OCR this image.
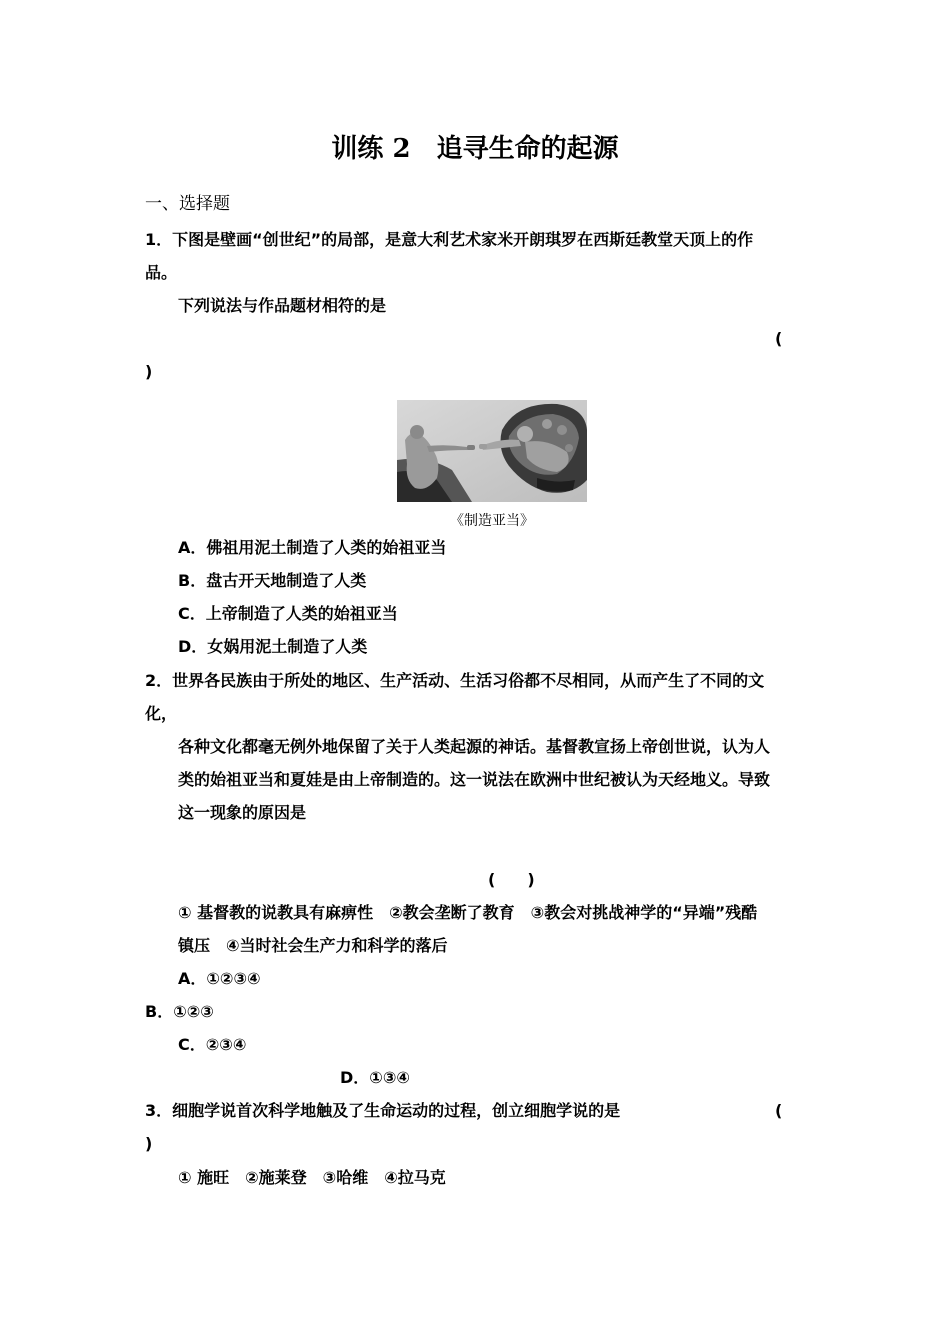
训练 2　追寻生命的起源
一、选择题
1．下图是壁画“创世纪”的局部，是意大利艺术家米开朗琪罗在西斯廷教堂天顶上的作
品。
下列说法与作品题材相符的是
(
)
《制造亚当》
A．佛祖用泥土制造了人类的始祖亚当
B．盘古开天地制造了人类
C．上帝制造了人类的始祖亚当
D．女娲用泥土制造了人类
2．世界各民族由于所处的地区、生产活动、生活习俗都不尽相同，从而产生了不同的文
化，
各种文化都毫无例外地保留了关于人类起源的神话。基督教宣扬上帝创世说，认为人
类的始祖亚当和夏娃是由上帝制造的。这一说法在欧洲中世纪被认为天经地义。导致
这一现象的原因是
(　　)
① 基督教的说教具有麻痹性　②教会垄断了教育　③教会对挑战神学的“异端”残酷
镇压　④当时社会生产力和科学的落后
A．①②③④
B．①②③
C．②③④
D．①③④
3．细胞学说首次科学地触及了生命运动的过程，创立细胞学说的是	(
)
① 施旺　②施莱登　③哈维　④拉马克
